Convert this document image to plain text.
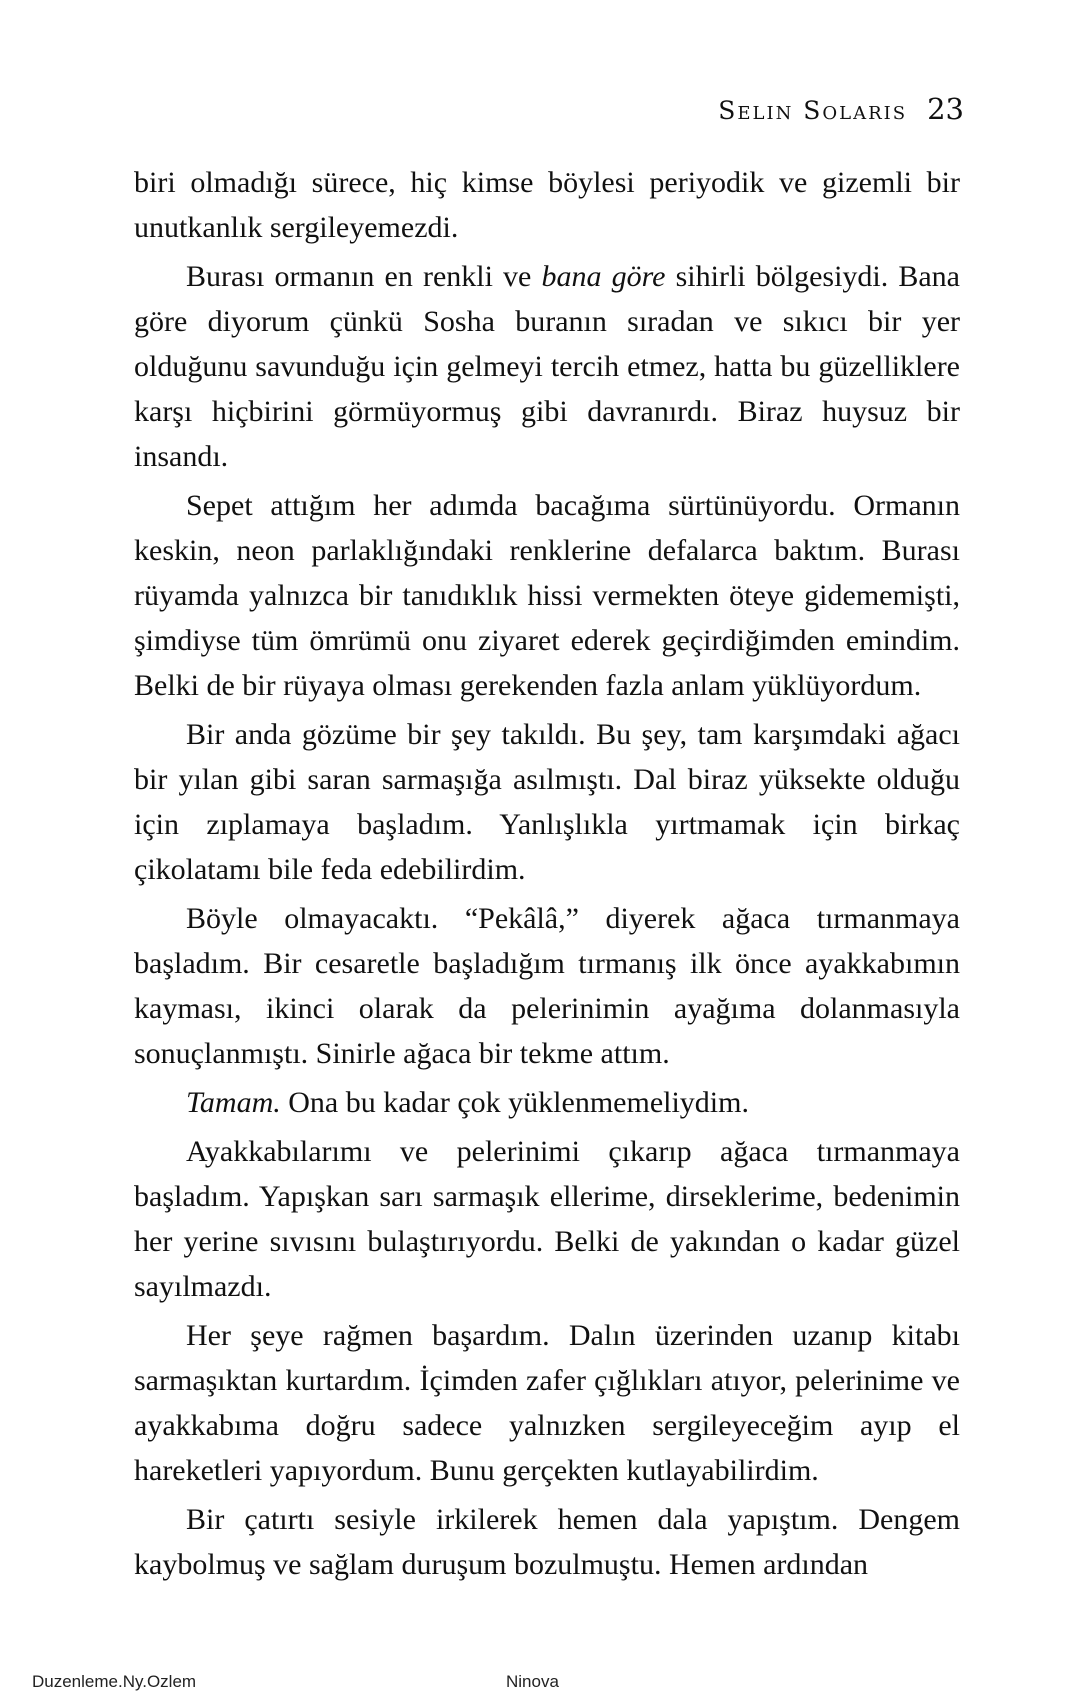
Selin Solaris 23

biri olmadığı sürece, hiç kimse böylesi periyodik ve gizemli bir unutkanlık sergileyemezdi.

Burası ormanın en renkli ve bana göre sihirli bölgesiydi. Bana göre diyorum çünkü Sosha buranın sıradan ve sıkıcı bir yer olduğunu savunduğu için gelmeyi tercih etmez, hatta bu güzelliklere karşı hiçbirini görmüyormuş gibi davranırdı. Biraz huysuz bir insandı.

Sepet attığım her adımda bacağıma sürtünüyordu. Ormanın keskin, neon parlaklığındaki renklerine defalarca baktım. Burası rüyamda yalnızca bir tanıdıklık hissi vermekten öteye gidememişti, şimdiyse tüm ömrümü onu ziyaret ederek geçirdiğimden emindim. Belki de bir rüyaya olması gerekenden fazla anlam yüklüyordum.

Bir anda gözüme bir şey takıldı. Bu şey, tam karşımdaki ağacı bir yılan gibi saran sarmaşığa asılmıştı. Dal biraz yüksekte olduğu için zıplamaya başladım. Yanlışlıkla yırtmamak için birkaç çikolatamı bile feda edebilirdim.

Böyle olmayacaktı. “Pekâlâ,” diyerek ağaca tırmanmaya başladım. Bir cesaretle başladığım tırmanış ilk önce ayakkabımın kayması, ikinci olarak da pelerinimin ayağıma dolanmasıyla sonuçlanmıştı. Sinirle ağaca bir tekme attım.

Tamam. Ona bu kadar çok yüklenmemeliydim.

Ayakkabılarımı ve pelerinimi çıkarıp ağaca tırmanmaya başladım. Yapışkan sarı sarmaşık ellerime, dirseklerime, bedenimin her yerine sıvısını bulaştırıyordu. Belki de yakından o kadar güzel sayılmazdı.

Her şeye rağmen başardım. Dalın üzerinden uzanıp kitabı sarmaşıktan kurtardım. İçimden zafer çığlıkları atıyor, pelerinime ve ayakkabıma doğru sadece yalnızken sergileyeceğim ayıp el hareketleri yapıyordum. Bunu gerçekten kutlayabilirdim.

Bir çatırtı sesiyle irkilerek hemen dala yapıştım. Dengem kaybolmuş ve sağlam duruşum bozulmuştu. Hemen ardından

Duzenleme.Ny.Ozlem	Ninova
